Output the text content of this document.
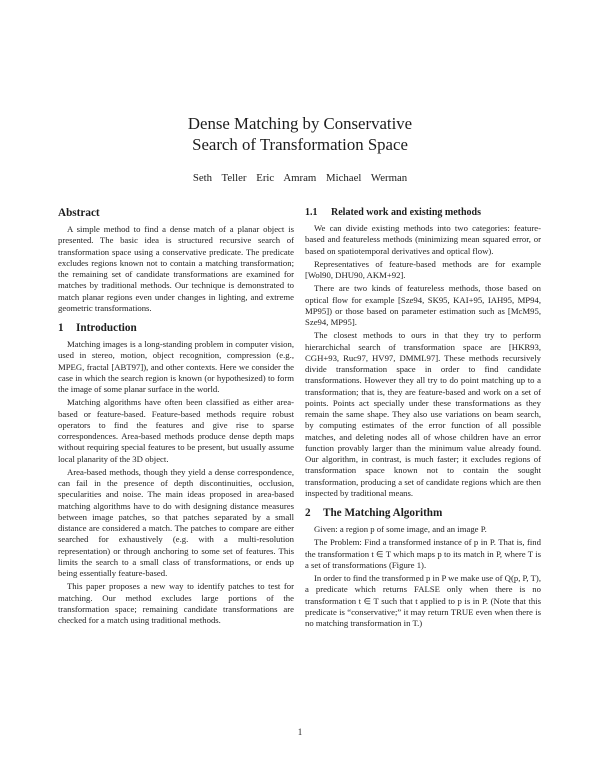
Dense Matching by Conservative
Search of Transformation Space
Seth Teller Eric Amram Michael Werman
Abstract

A simple method to find a dense match of a planar object is presented. The basic idea is structured recursive search of transformation space using a conservative predicate. The predicate excludes regions known not to contain a matching transformation; the remaining set of candidate transformations are examined for matches by traditional methods. Our technique is demonstrated to match planar regions even under changes in lighting, and extreme geometric transformations.

1 Introduction

Matching images is a long-standing problem in computer vision, used in stereo, motion, object recognition, compression (e.g., MPEG, fractal [ABT97]), and other contexts. Here we consider the case in which the search region is known (or hypothesized) to form the image of some planar surface in the world.

Matching algorithms have often been classified as either area-based or feature-based. Feature-based methods require robust operators to find the features and give rise to sparse correspondences. Area-based methods produce dense depth maps without requiring special features to be present, but usually assume local planarity of the 3D object.

Area-based methods, though they yield a dense correspondence, can fail in the presence of depth discontinuities, occlusion, specularities and noise. The main ideas proposed in area-based matching algorithms have to do with designing distance measures between image patches, so that patches separated by a small distance are considered a match. The patches to compare are either searched for exhaustively (e.g. with a multi-resolution representation) or through anchoring to some set of features. This limits the search to a small class of transformations, or ends up being essentially feature-based.

This paper proposes a new way to identify patches to test for matching. Our method excludes large portions of the transformation space; remaining candidate transformations are checked for a match using traditional methods.

1.1 Related work and existing methods

We can divide existing methods into two categories: feature-based and featureless methods (minimizing mean squared error, or based on spatiotemporal derivatives and optical flow).

Representatives of feature-based methods are for example [Wol90, DHU90, AKM+92].

There are two kinds of featureless methods, those based on optical flow for example [Sze94, SK95, KAI+95, IAH95, MP94, MP95]) or those based on parameter estimation such as [McM95, Sze94, MP95].

The closest methods to ours in that they try to perform hierarchichal search of transformation space are [HKR93, CGH+93, Ruc97, HV97, DMML97]. These methods recursively divide transformation space in order to find candidate transformations. However they all try to do point matching up to a transformation; that is, they are feature-based and work on a set of points. Points act specially under these transformations as they remain the same shape. They also use variations on beam search, by computing estimates of the error function of all possible matches, and deleting nodes all of whose children have an error function provably larger than the minimum value already found. Our algorithm, in contrast, is much faster; it excludes regions of transformation space known not to contain the sought transformation, producing a set of candidate regions which are then inspected by traditional means.

2 The Matching Algorithm

Given: a region p of some image, and an image P.

The Problem: Find a transformed instance of p in P. That is, find the transformation t ∈ T which maps p to its match in P, where T is a set of transformations (Figure 1).

In order to find the transformed p in P we make use of Q(p, P, T), a predicate which returns FALSE only when there is no transformation t ∈ T such that t applied to p is in P. (Note that this predicate is “conservative;” it may return TRUE even when there is no matching transformation in T.)

1
